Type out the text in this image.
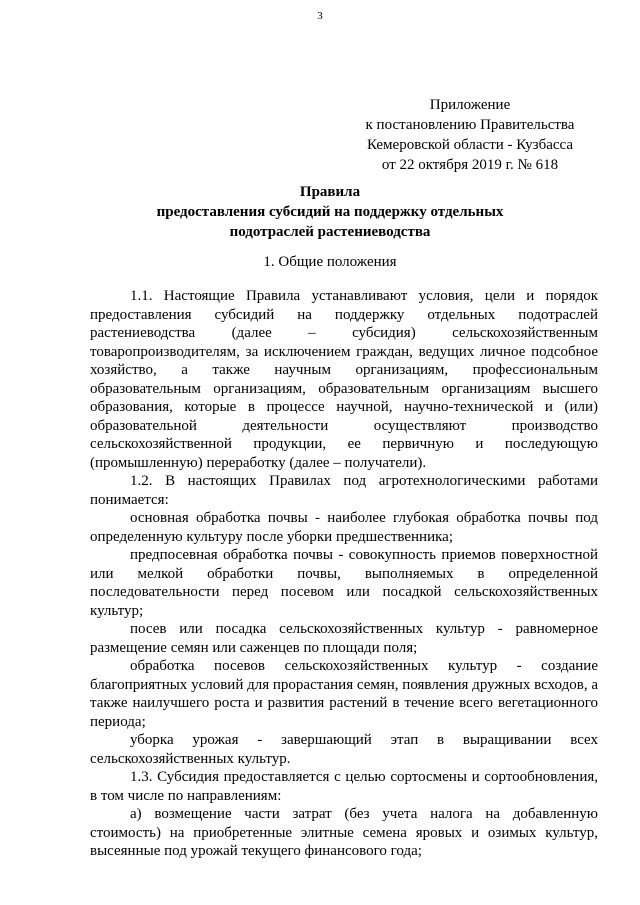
3
Приложение
к постановлению Правительства
Кемеровской области - Кузбасса
от 22 октября 2019 г. № 618
Правила
предоставления субсидий на поддержку отдельных
подотраслей растениеводства
1. Общие положения

1.1. Настоящие Правила устанавливают условия, цели и порядок предоставления субсидий на поддержку отдельных подотраслей растениеводства (далее – субсидия) сельскохозяйственным товаропроизводителям, за исключением граждан, ведущих личное подсобное хозяйство, а также научным организациям, профессиональным образовательным организациям, образовательным организациям высшего образования, которые в процессе научной, научно-технической и (или) образовательной деятельности осуществляют производство сельскохозяйственной продукции, ее первичную и последующую (промышленную) переработку (далее – получатели).

1.2. В настоящих Правилах под агротехнологическими работами понимается:

основная обработка почвы - наиболее глубокая обработка почвы под определенную культуру после уборки предшественника;

предпосевная обработка почвы - совокупность приемов поверхностной или мелкой обработки почвы, выполняемых в определенной последовательности перед посевом или посадкой сельскохозяйственных культур;

посев или посадка сельскохозяйственных культур - равномерное размещение семян или саженцев по площади поля;

обработка посевов сельскохозяйственных культур - создание благоприятных условий для прорастания семян, появления дружных всходов, а также наилучшего роста и развития растений в течение всего вегетационного периода;

уборка урожая - завершающий этап в выращивании всех сельскохозяйственных культур.

1.3. Субсидия предоставляется с целью сортосмены и сортообновления, в том числе по направлениям:

а) возмещение части затрат (без учета налога на добавленную стоимость) на приобретенные элитные семена яровых и озимых культур, высеянные под урожай текущего финансового года;
